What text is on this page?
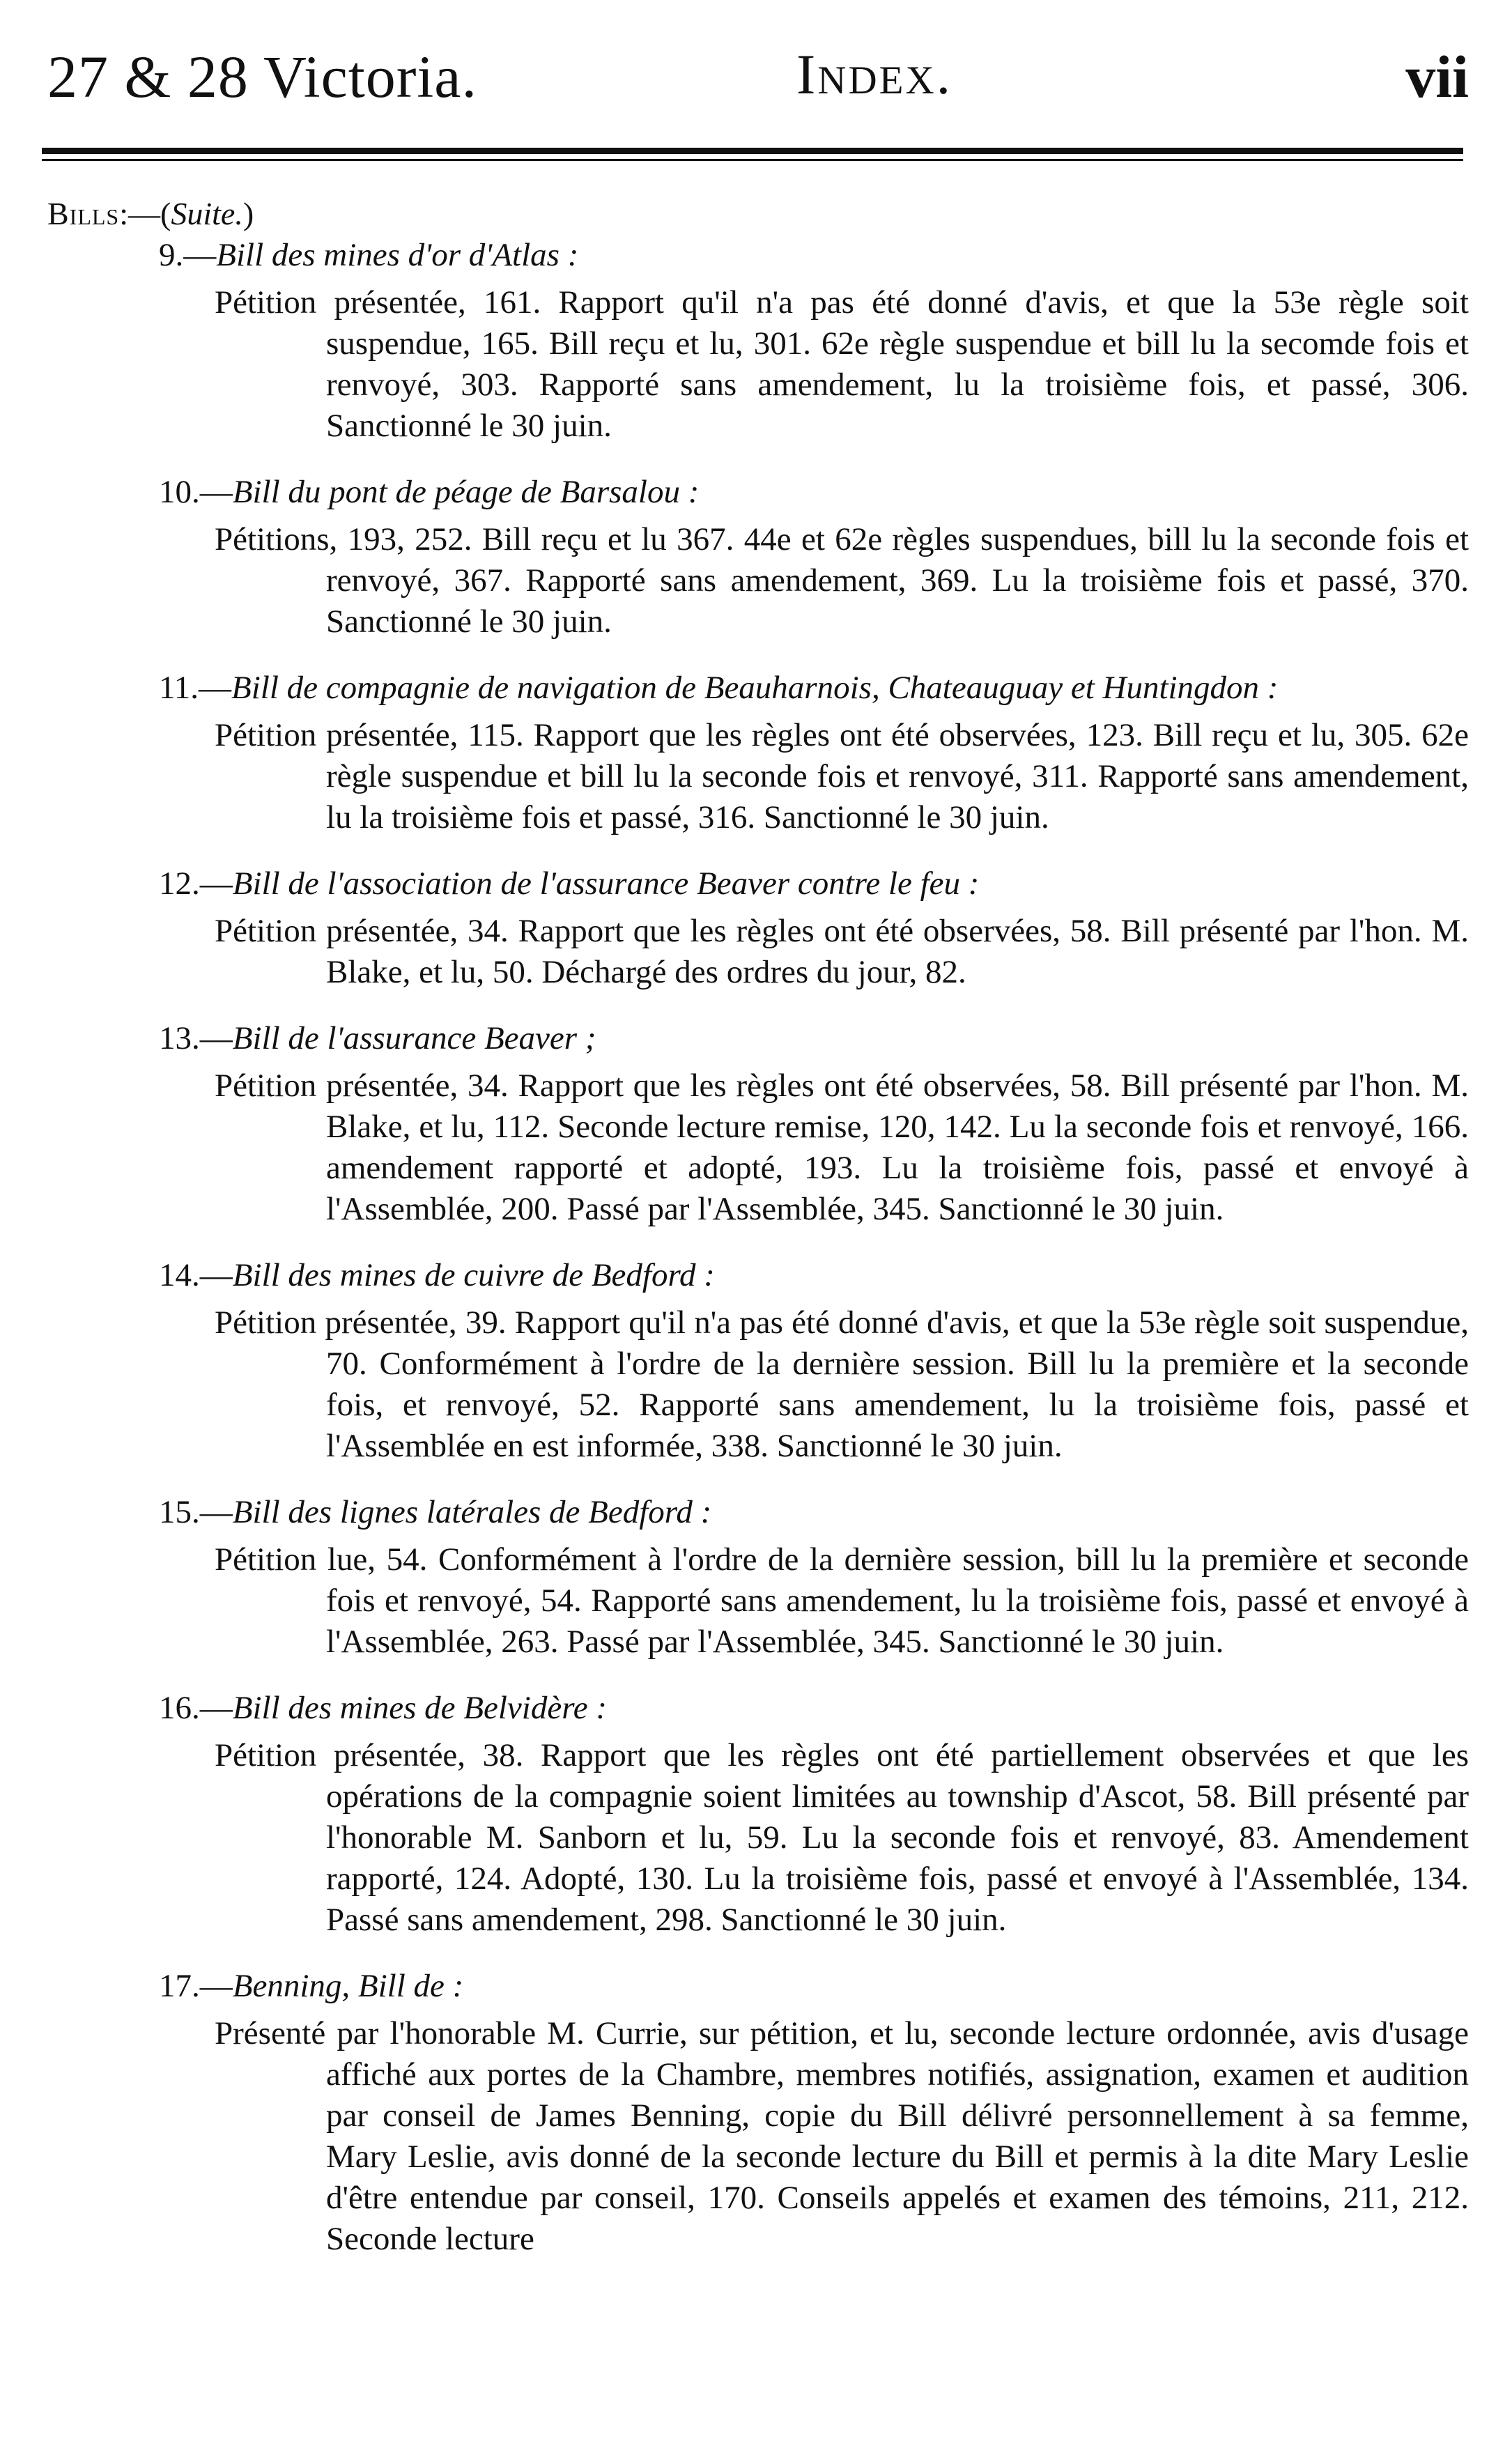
27 & 28 Victoria.	Index.	vii
Bills:—(Suite.)
9.—Bill des mines d'or d'Atlas :
Pétition présentée, 161. Rapport qu'il n'a pas été donné d'avis, et que la 53e règle soit suspendue, 165. Bill reçu et lu, 301. 62e règle suspendue et bill lu la secomde fois et renvoyé, 303. Rapporté sans amendement, lu la troisième fois, et passé, 306. Sanctionné le 30 juin.
10.—Bill du pont de péage de Barsalou :
Pétitions, 193, 252. Bill reçu et lu 367. 44e et 62e règles suspendues, bill lu la seconde fois et renvoyé, 367. Rapporté sans amendement, 369. Lu la troisième fois et passé, 370. Sanctionné le 30 juin.
11.—Bill de compagnie de navigation de Beauharnois, Chateauguay et Huntingdon :
Pétition présentée, 115. Rapport que les règles ont été observées, 123. Bill reçu et lu, 305. 62e règle suspendue et bill lu la seconde fois et renvoyé, 311. Rapporté sans amendement, lu la troisième fois et passé, 316. Sanctionné le 30 juin.
12.—Bill de l'association de l'assurance Beaver contre le feu :
Pétition présentée, 34. Rapport que les règles ont été observées, 58. Bill présenté par l'hon. M. Blake, et lu, 50. Déchargé des ordres du jour, 82.
13.—Bill de l'assurance Beaver ;
Pétition présentée, 34. Rapport que les règles ont été observées, 58. Bill présenté par l'hon. M. Blake, et lu, 112. Seconde lecture remise, 120, 142. Lu la seconde fois et renvoyé, 166. amendement rapporté et adopté, 193. Lu la troisième fois, passé et envoyé à l'Assemblée, 200. Passé par l'Assemblée, 345. Sanctionné le 30 juin.
14.—Bill des mines de cuivre de Bedford :
Pétition présentée, 39. Rapport qu'il n'a pas été donné d'avis, et que la 53e règle soit suspendue, 70. Conformément à l'ordre de la dernière session. Bill lu la première et la seconde fois, et renvoyé, 52. Rapporté sans amendement, lu la troisième fois, passé et l'Assemblée en est informée, 338. Sanctionné le 30 juin.
15.—Bill des lignes latérales de Bedford :
Pétition lue, 54. Conformément à l'ordre de la dernière session, bill lu la première et seconde fois et renvoyé, 54. Rapporté sans amendement, lu la troisième fois, passé et envoyé à l'Assemblée, 263. Passé par l'Assemblée, 345. Sanctionné le 30 juin.
16.—Bill des mines de Belvidère :
Pétition présentée, 38. Rapport que les règles ont été partiellement observées et que les opérations de la compagnie soient limitées au township d'Ascot, 58. Bill présenté par l'honorable M. Sanborn et lu, 59. Lu la seconde fois et renvoyé, 83. Amendement rapporté, 124. Adopté, 130. Lu la troisième fois, passé et envoyé à l'Assemblée, 134. Passé sans amendement, 298. Sanctionné le 30 juin.
17.—Benning, Bill de :
Présenté par l'honorable M. Currie, sur pétition, et lu, seconde lecture ordonnée, avis d'usage affiché aux portes de la Chambre, membres notifiés, assignation, examen et audition par conseil de James Benning, copie du Bill délivré personnellement à sa femme, Mary Leslie, avis donné de la seconde lecture du Bill et permis à la dite Mary Leslie d'être entendue par conseil, 170. Conseils appelés et examen des témoins, 211, 212. Seconde lecture
